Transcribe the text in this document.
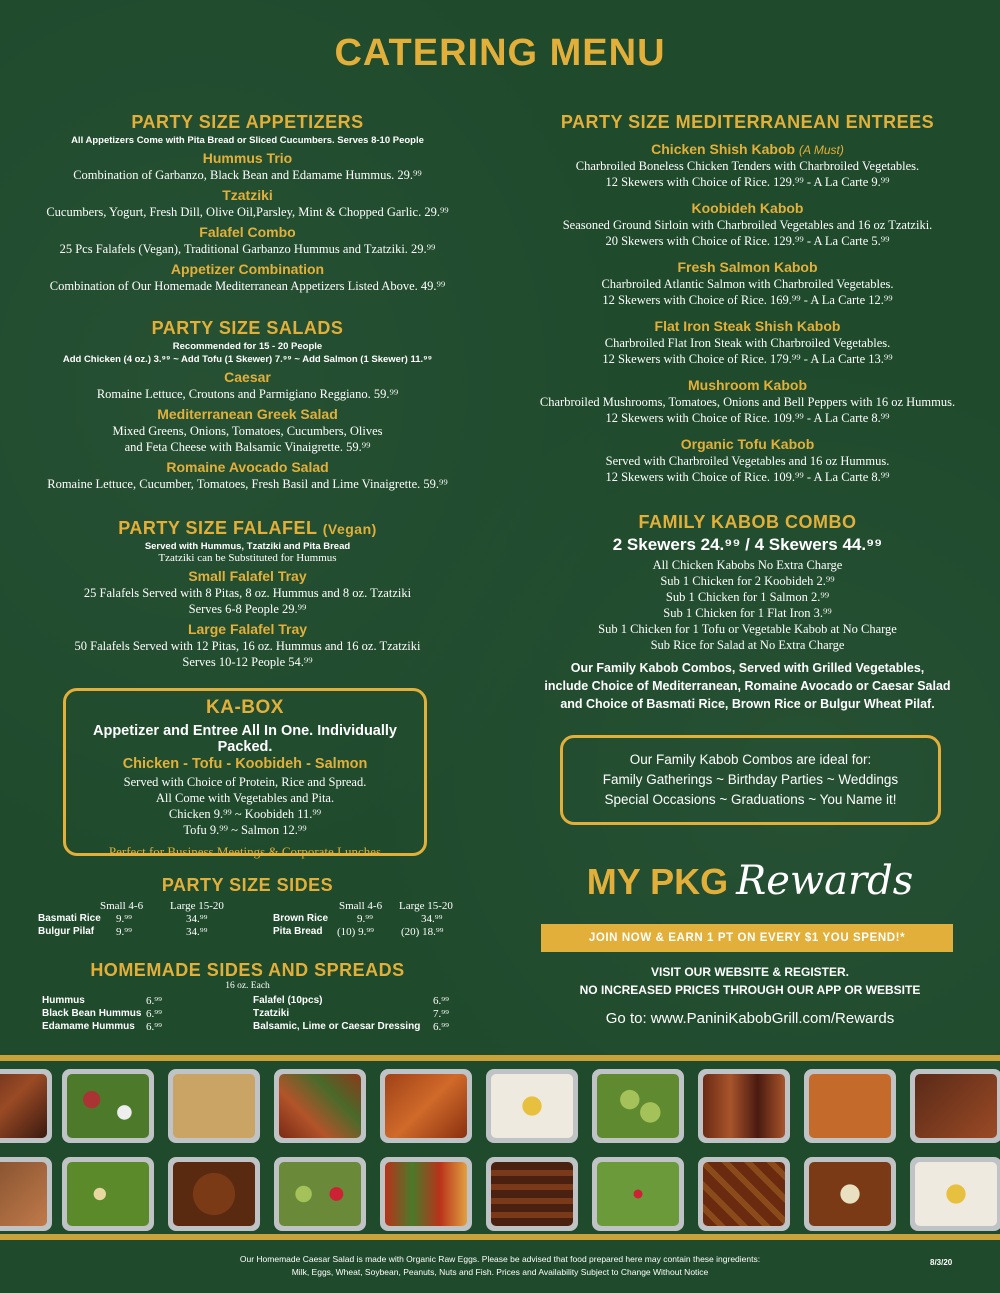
CATERING MENU

PARTY SIZE APPETIZERS

All Appetizers Come with Pita Bread or Sliced Cucumbers. Serves 8-10 People

Hummus Trio

Combination of Garbanzo, Black Bean and Edamame Hummus. 29.⁹⁹

Tzatziki

Cucumbers, Yogurt, Fresh Dill, Olive Oil,Parsley, Mint & Chopped Garlic. 29.⁹⁹

Falafel Combo

25 Pcs Falafels (Vegan), Traditional Garbanzo Hummus and Tzatziki. 29.⁹⁹

Appetizer Combination

Combination of Our Homemade Mediterranean Appetizers Listed Above. 49.⁹⁹

PARTY SIZE SALADS

Recommended for 15 - 20 People

Add Chicken (4 oz.) 3.⁹⁹ ~ Add Tofu (1 Skewer) 7.⁹⁹ ~ Add Salmon (1 Skewer) 11.⁹⁹

Caesar

Romaine Lettuce, Croutons and Parmigiano Reggiano. 59.⁹⁹

Mediterranean Greek Salad

Mixed Greens, Onions, Tomatoes, Cucumbers, Olives

and Feta Cheese with Balsamic Vinaigrette. 59.⁹⁹

Romaine Avocado Salad

Romaine Lettuce, Cucumber, Tomatoes, Fresh Basil and Lime Vinaigrette. 59.⁹⁹

PARTY SIZE FALAFEL (Vegan)

Served with Hummus, Tzatziki and Pita Bread

Tzatziki can be Substituted for Hummus

Small Falafel Tray

25 Falafels Served with 8 Pitas, 8 oz. Hummus and 8 oz. Tzatziki

Serves 6-8 People 29.⁹⁹

Large Falafel Tray

50 Falafels Served with 12 Pitas, 16 oz. Hummus and 16 oz. Tzatziki

Serves 10-12 People 54.⁹⁹

KA-BOX

Appetizer and Entree All In One. Individually Packed.

Chicken - Tofu - Koobideh - Salmon

Served with Choice of Protein, Rice and Spread.

All Come with Vegetables and Pita.

Chicken 9.⁹⁹ ~ Koobideh 11.⁹⁹

Tofu 9.⁹⁹ ~ Salmon 12.⁹⁹

Perfect for Business Meetings & Corporate Lunches

PARTY SIZE SIDES

Small 4-6 Large 15-20
Basmati Rice 9.⁹⁹	34.⁹⁹
Bulgur Pilaf 9.⁹⁹	34.⁹⁹
Small 4-6 Large 15-20
Brown Rice	9.⁹⁹	34.⁹⁹
Pita Bread (10) 9.⁹⁹ (20) 18.⁹⁹

HOMEMADE SIDES AND SPREADS

16 oz. Each

Hummus	6.⁹⁹
Black Bean Hummus 6.⁹⁹
Edamame Hummus 6.⁹⁹
Falafel (10pcs)	6.⁹⁹
Tzatziki	7.⁹⁹
Balsamic, Lime or Caesar Dressing 6.⁹⁹

PARTY SIZE MEDITERRANEAN ENTREES

Chicken Shish Kabob (A Must)

Charbroiled Boneless Chicken Tenders with Charbroiled Vegetables.

12 Skewers with Choice of Rice. 129.⁹⁹ - A La Carte 9.⁹⁹

Koobideh Kabob

Seasoned Ground Sirloin with Charbroiled Vegetables and 16 oz Tzatziki.

20 Skewers with Choice of Rice. 129.⁹⁹ - A La Carte 5.⁹⁹

Fresh Salmon Kabob

Charbroiled Atlantic Salmon with Charbroiled Vegetables.

12 Skewers with Choice of Rice. 169.⁹⁹ - A La Carte 12.⁹⁹

Flat Iron Steak Shish Kabob

Charbroiled Flat Iron Steak with Charbroiled Vegetables.

12 Skewers with Choice of Rice. 179.⁹⁹ - A La Carte 13.⁹⁹

Mushroom Kabob

Charbroiled Mushrooms, Tomatoes, Onions and Bell Peppers with 16 oz Hummus.

12 Skewers with Choice of Rice. 109.⁹⁹ - A La Carte 8.⁹⁹

Organic Tofu Kabob

Served with Charbroiled Vegetables and 16 oz Hummus.

12 Skewers with Choice of Rice. 109.⁹⁹ - A La Carte 8.⁹⁹

FAMILY KABOB COMBO

2 Skewers 24.⁹⁹ / 4 Skewers 44.⁹⁹

All Chicken Kabobs No Extra Charge

Sub 1 Chicken for 2 Koobideh 2.⁹⁹

Sub 1 Chicken for 1 Salmon 2.⁹⁹

Sub 1 Chicken for 1 Flat Iron 3.⁹⁹

Sub 1 Chicken for 1 Tofu or Vegetable Kabob at No Charge

Sub Rice for Salad at No Extra Charge

Our Family Kabob Combos, Served with Grilled Vegetables,
include Choice of Mediterranean, Romaine Avocado or Caesar Salad
and Choice of Basmati Rice, Brown Rice or Bulgur Wheat Pilaf.

Our Family Kabob Combos are ideal for:

Family Gatherings ~ Birthday Parties ~ Weddings

Special Occasions ~ Graduations ~ You Name it!

MY PKG Rewards
JOIN NOW & EARN 1 PT ON EVERY $1 YOU SPEND!*
VISIT OUR WEBSITE & REGISTER.
NO INCREASED PRICES THROUGH OUR APP OR WEBSITE
Go to: www.PaniniKabobGrill.com/Rewards
Our Homemade Caesar Salad is made with Organic Raw Eggs. Please be advised that food prepared here may contain these ingredients:
Milk, Eggs, Wheat, Soybean, Peanuts, Nuts and Fish. Prices and Availability Subject to Change Without Notice
8/3/20
